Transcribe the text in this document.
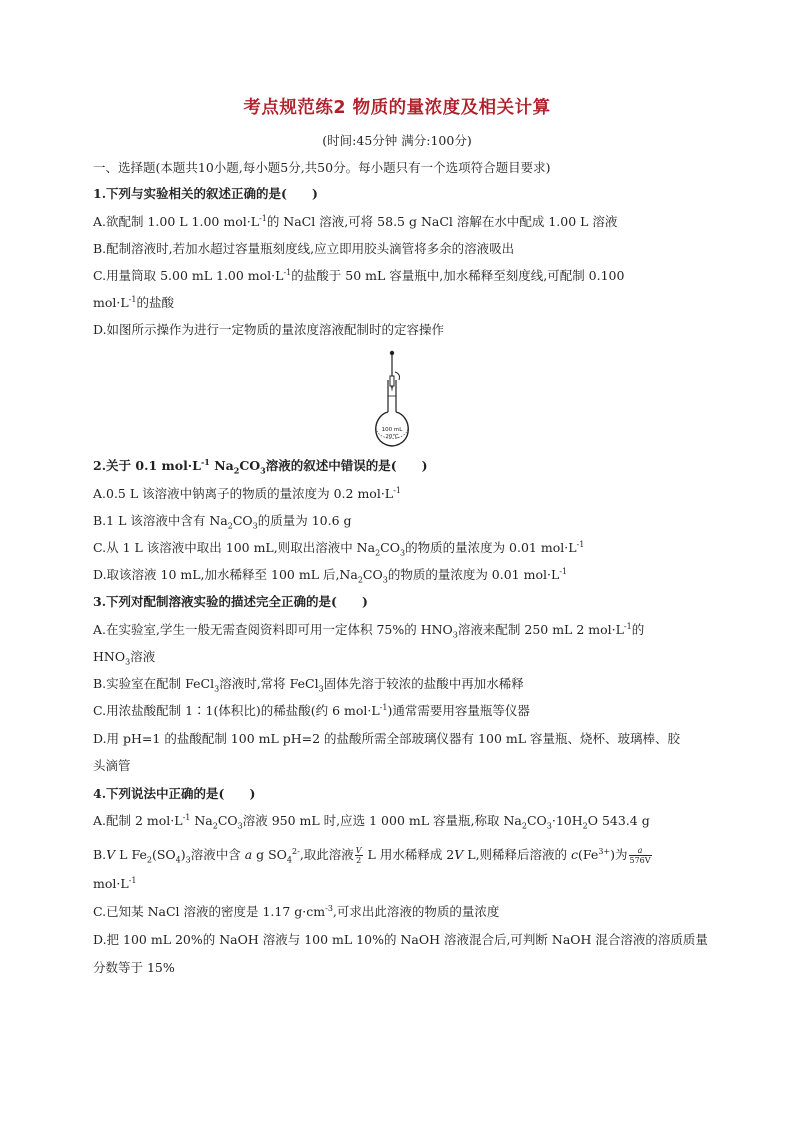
考点规范练2 物质的量浓度及相关计算
(时间:45分钟 满分:100分)
一、选择题(本题共10小题,每小题5分,共50分。每小题只有一个选项符合题目要求)
1.下列与实验相关的叙述正确的是(　　)
A.欲配制 1.00 L 1.00 $mol\cdot L^{-1}$的 NaCl 溶液,可将 58.5 g NaCl 溶解在水中配成 1.00 L 溶液
B.配制溶液时,若加水超过容量瓶刻度线,应立即用胶头滴管将多余的溶液吸出
C.用量筒取 5.00 mL 1.00 $mol\cdot L^{-1}$的盐酸于 50 mL 容量瓶中,加水稀释至刻度线,可配制 0.100
$mol\cdot L^{-1}$的盐酸
D.如图所示操作为进行一定物质的量浓度溶液配制时的定容操作
100 mL
20℃
2.关于 0.1 $mol\cdot L^{-1}$ $Na_2CO_3$溶液的叙述中错误的是(　　)
A.0.5 L 该溶液中钠离子的物质的量浓度为 0.2 $mol\cdot L^{-1}$
B.1 L 该溶液中含有 $Na_2CO_3$的质量为 10.6 g
C.从 1 L 该溶液中取出 100 mL,则取出溶液中 $Na_2CO_3$的物质的量浓度为 0.01 $mol\cdot L^{-1}$
D.取该溶液 10 mL,加水稀释至 100 mL 后$,Na_2CO_3$的物质的量浓度为 0.01 $mol\cdot L^{-1}$
3.下列对配制溶液实验的描述完全正确的是(　　)
A.在实验室,学生一般无需查阅资料即可用一定体积 75%的 $HNO_3$溶液来配制 250 mL 2 $mol\cdot L^{-1}$的
$HNO_3$溶液
B.实验室在配制 FeCl$_3$溶液时,常将 FeCl$_3$固体先溶于较浓的盐酸中再加水稀释
C.用浓盐酸配制 1∶1(体积比)的稀盐酸(约 6 $mol\cdot L^{-1}$)通常需要用容量瓶等仪器
D.用 pH=1 的盐酸配制 100 mL pH=2 的盐酸所需全部玻璃仪器有 100 mL 容量瓶、烧杯、玻璃棒、胶
头滴管
4.下列说法中正确的是(　　)
A.配制 2 $mol\cdot L^{-1}$ $Na_2CO_3$溶液 950 mL 时,应选 1 000 mL 容量瓶,称取 $Na_2CO_3\cdot 10H_2O$ 543.4 g
B.V L $Fe_2(SO_4)_3$溶液中含 a g $SO_4^{2-}$,取此溶液 $\frac{V}{2}$ L 用水稀释成 2V L,则稀释后溶液的 $c(Fe^{3+})$为 $\frac{a}{576V}$
$mol\cdot L^{-1}$
C.已知某 NaCl 溶液的密度是 1.17 $g\cdot cm^{-3}$,可求出此溶液的物质的量浓度
D.把 100 mL 20%的 NaOH 溶液与 100 mL 10%的 NaOH 溶液混合后,可判断 NaOH 混合溶液的溶质质量
分数等于 15%
